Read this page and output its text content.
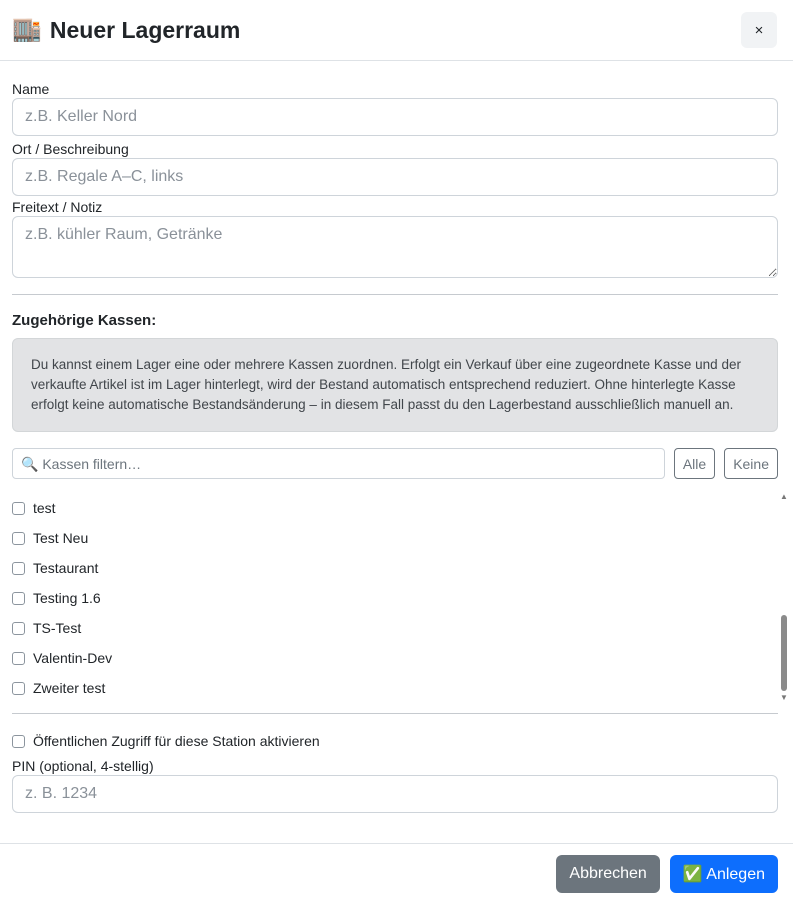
🏬 Neuer Lagerraum	×

Name

z.B. Keller Nord

Ort / Beschreibung

z.B. Regale A–C, links

Freitext / Notiz

z.B. kühler Raum, Getränke

Zugehörige Kassen:

Du kannst einem Lager eine oder mehrere Kassen zuordnen. Erfolgt ein Verkauf über eine zugeordnete Kasse und der verkaufte Artikel ist im Lager hinterlegt, wird der Bestand automatisch entsprechend reduziert. Ohne hinterlegte Kasse erfolgt keine automatische Bestandsänderung – in diesem Fall passt du den Lagerbestand ausschließlich manuell an.
🔍 Kassen filtern…
Alle	Keine
test
Test Neu
Testaurant
Testing 1.6
TS-Test
Valentin-Dev
Zweiter test
▲
▼
Öffentlichen Zugriff für diese Station aktivieren

PIN (optional, 4-stellig)

z. B. 1234
Abbrechen	✅ Anlegen
